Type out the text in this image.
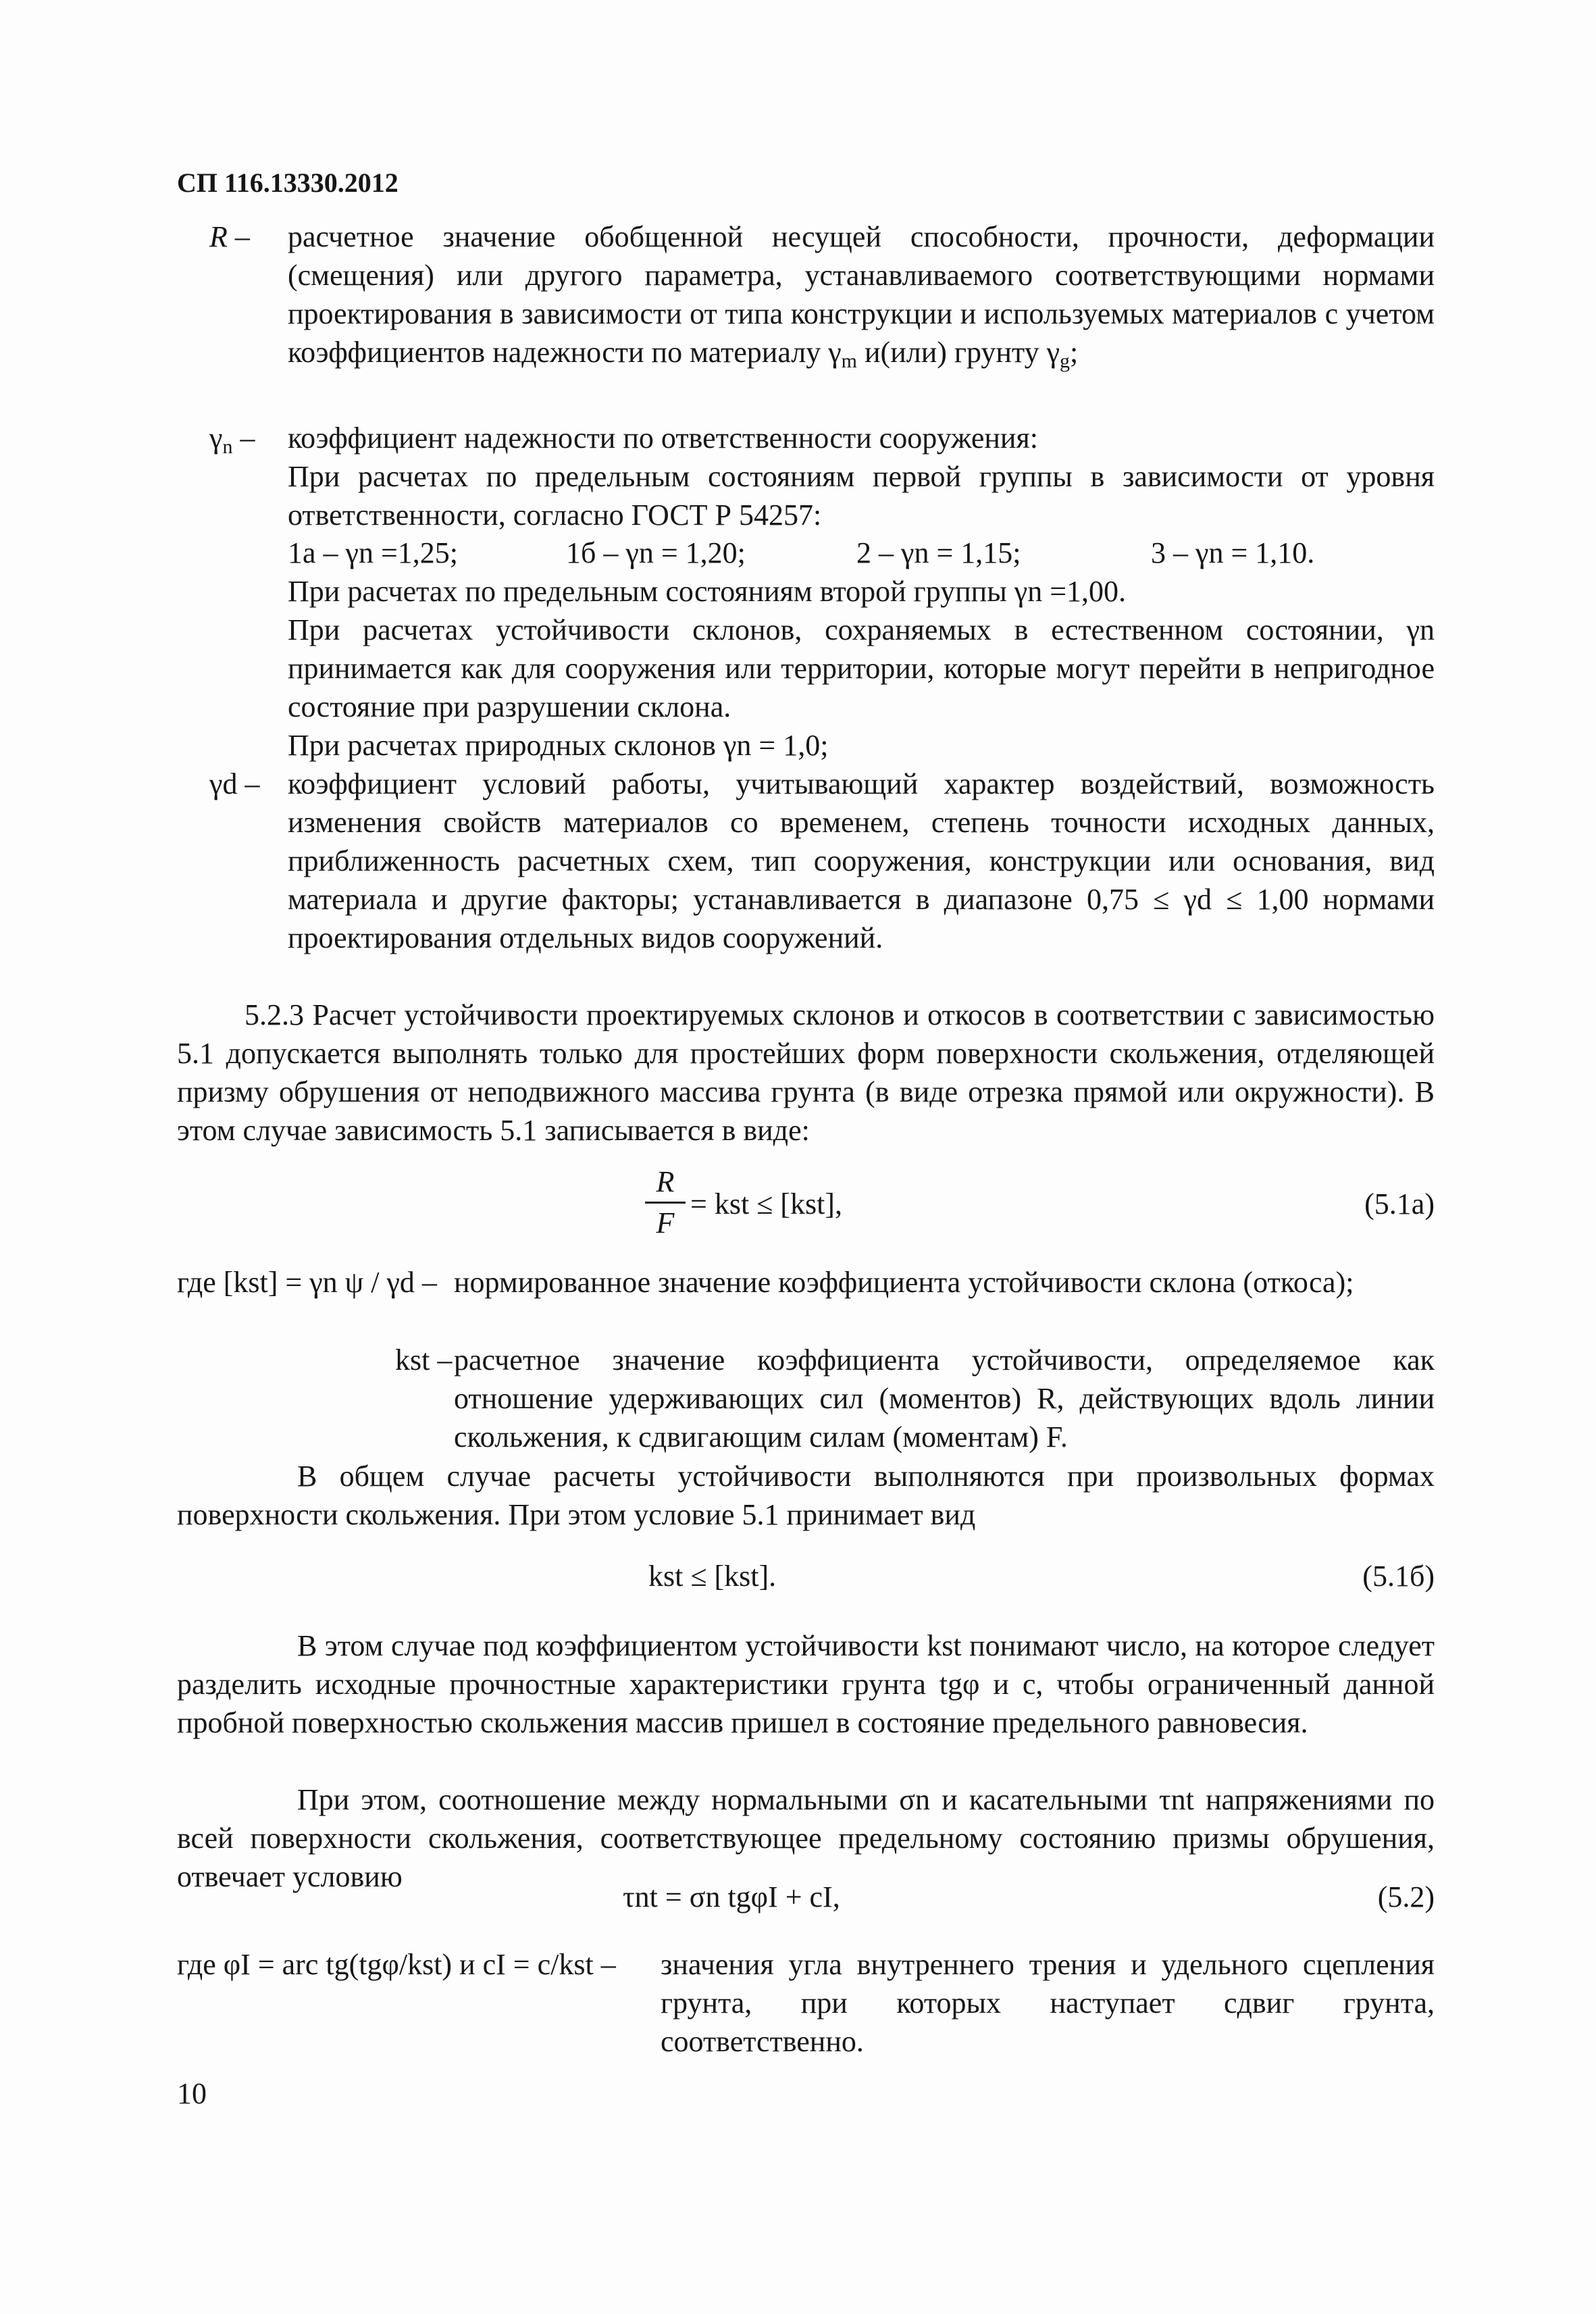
СП 116.13330.2012
R – расчетное значение обобщенной несущей способности, прочности, деформации (смещения) или другого параметра, устанавливаемого соответствующими нормами проектирования в зависимости от типа конструкции и используемых материалов с учетом коэффициентов надежности по материалу $\gamma_m$ и(или) грунту $\gamma_g$;
$\gamma_n$ – коэффициент надежности по ответственности сооружения:
При расчетах по предельным состояниям первой группы в зависимости от уровня ответственности, согласно ГОСТ Р 54257:
1а – γn =1,25;	1б – γn = 1,20;	2 – γn = 1,15;	3 – γn = 1,10.
При расчетах по предельным состояниям второй группы γn =1,00.
При расчетах устойчивости склонов, сохраняемых в естественном состоянии, γn принимается как для сооружения или территории, которые могут перейти в непригодное состояние при разрушении склона.
При расчетах природных склонов γn = 1,0;
γd – коэффициент условий работы, учитывающий характер воздействий, возможность изменения свойств материалов со временем, степень точности исходных данных, приближенность расчетных схем, тип сооружения, конструкции или основания, вид материала и другие факторы; устанавливается в диапазоне 0,75 ≤ γd ≤ 1,00 нормами проектирования отдельных видов сооружений.
5.2.3 Расчет устойчивости проектируемых склонов и откосов в соответствии с зависимостью 5.1 допускается выполнять только для простейших форм поверхности скольжения, отделяющей призму обрушения от неподвижного массива грунта (в виде отрезка прямой или окружности). В этом случае зависимость 5.1 записывается в виде:
R
F
= kst ≤ [kst],	(5.1а)
где [kst] = γn ψ / γd – нормированное значение коэффициента устойчивости склона (откоса);
kst – расчетное значение коэффициента устойчивости, определяемое как отношение удерживающих сил (моментов) R, действующих вдоль линии скольжения, к сдвигающим силам (моментам) F.
В общем случае расчеты устойчивости выполняются при произвольных формах поверхности скольжения. При этом условие 5.1 принимает вид
kst ≤ [kst].	(5.1б)
В этом случае под коэффициентом устойчивости kst понимают число, на которое следует разделить исходные прочностные характеристики грунта tgφ и c, чтобы ограниченный данной пробной поверхностью скольжения массив пришел в состояние предельного равновесия.
При этом, соотношение между нормальными σn и касательными τnt напряжениями по всей поверхности скольжения, соответствующее предельному состоянию призмы обрушения, отвечает условию
τnt = σn tgφI + cI,	(5.2)
где φI = arc tg(tgφ/kst) и cI = c/kst – значения угла внутреннего трения и удельного сцепления грунта, при которых наступает сдвиг грунта, соответственно.
10
